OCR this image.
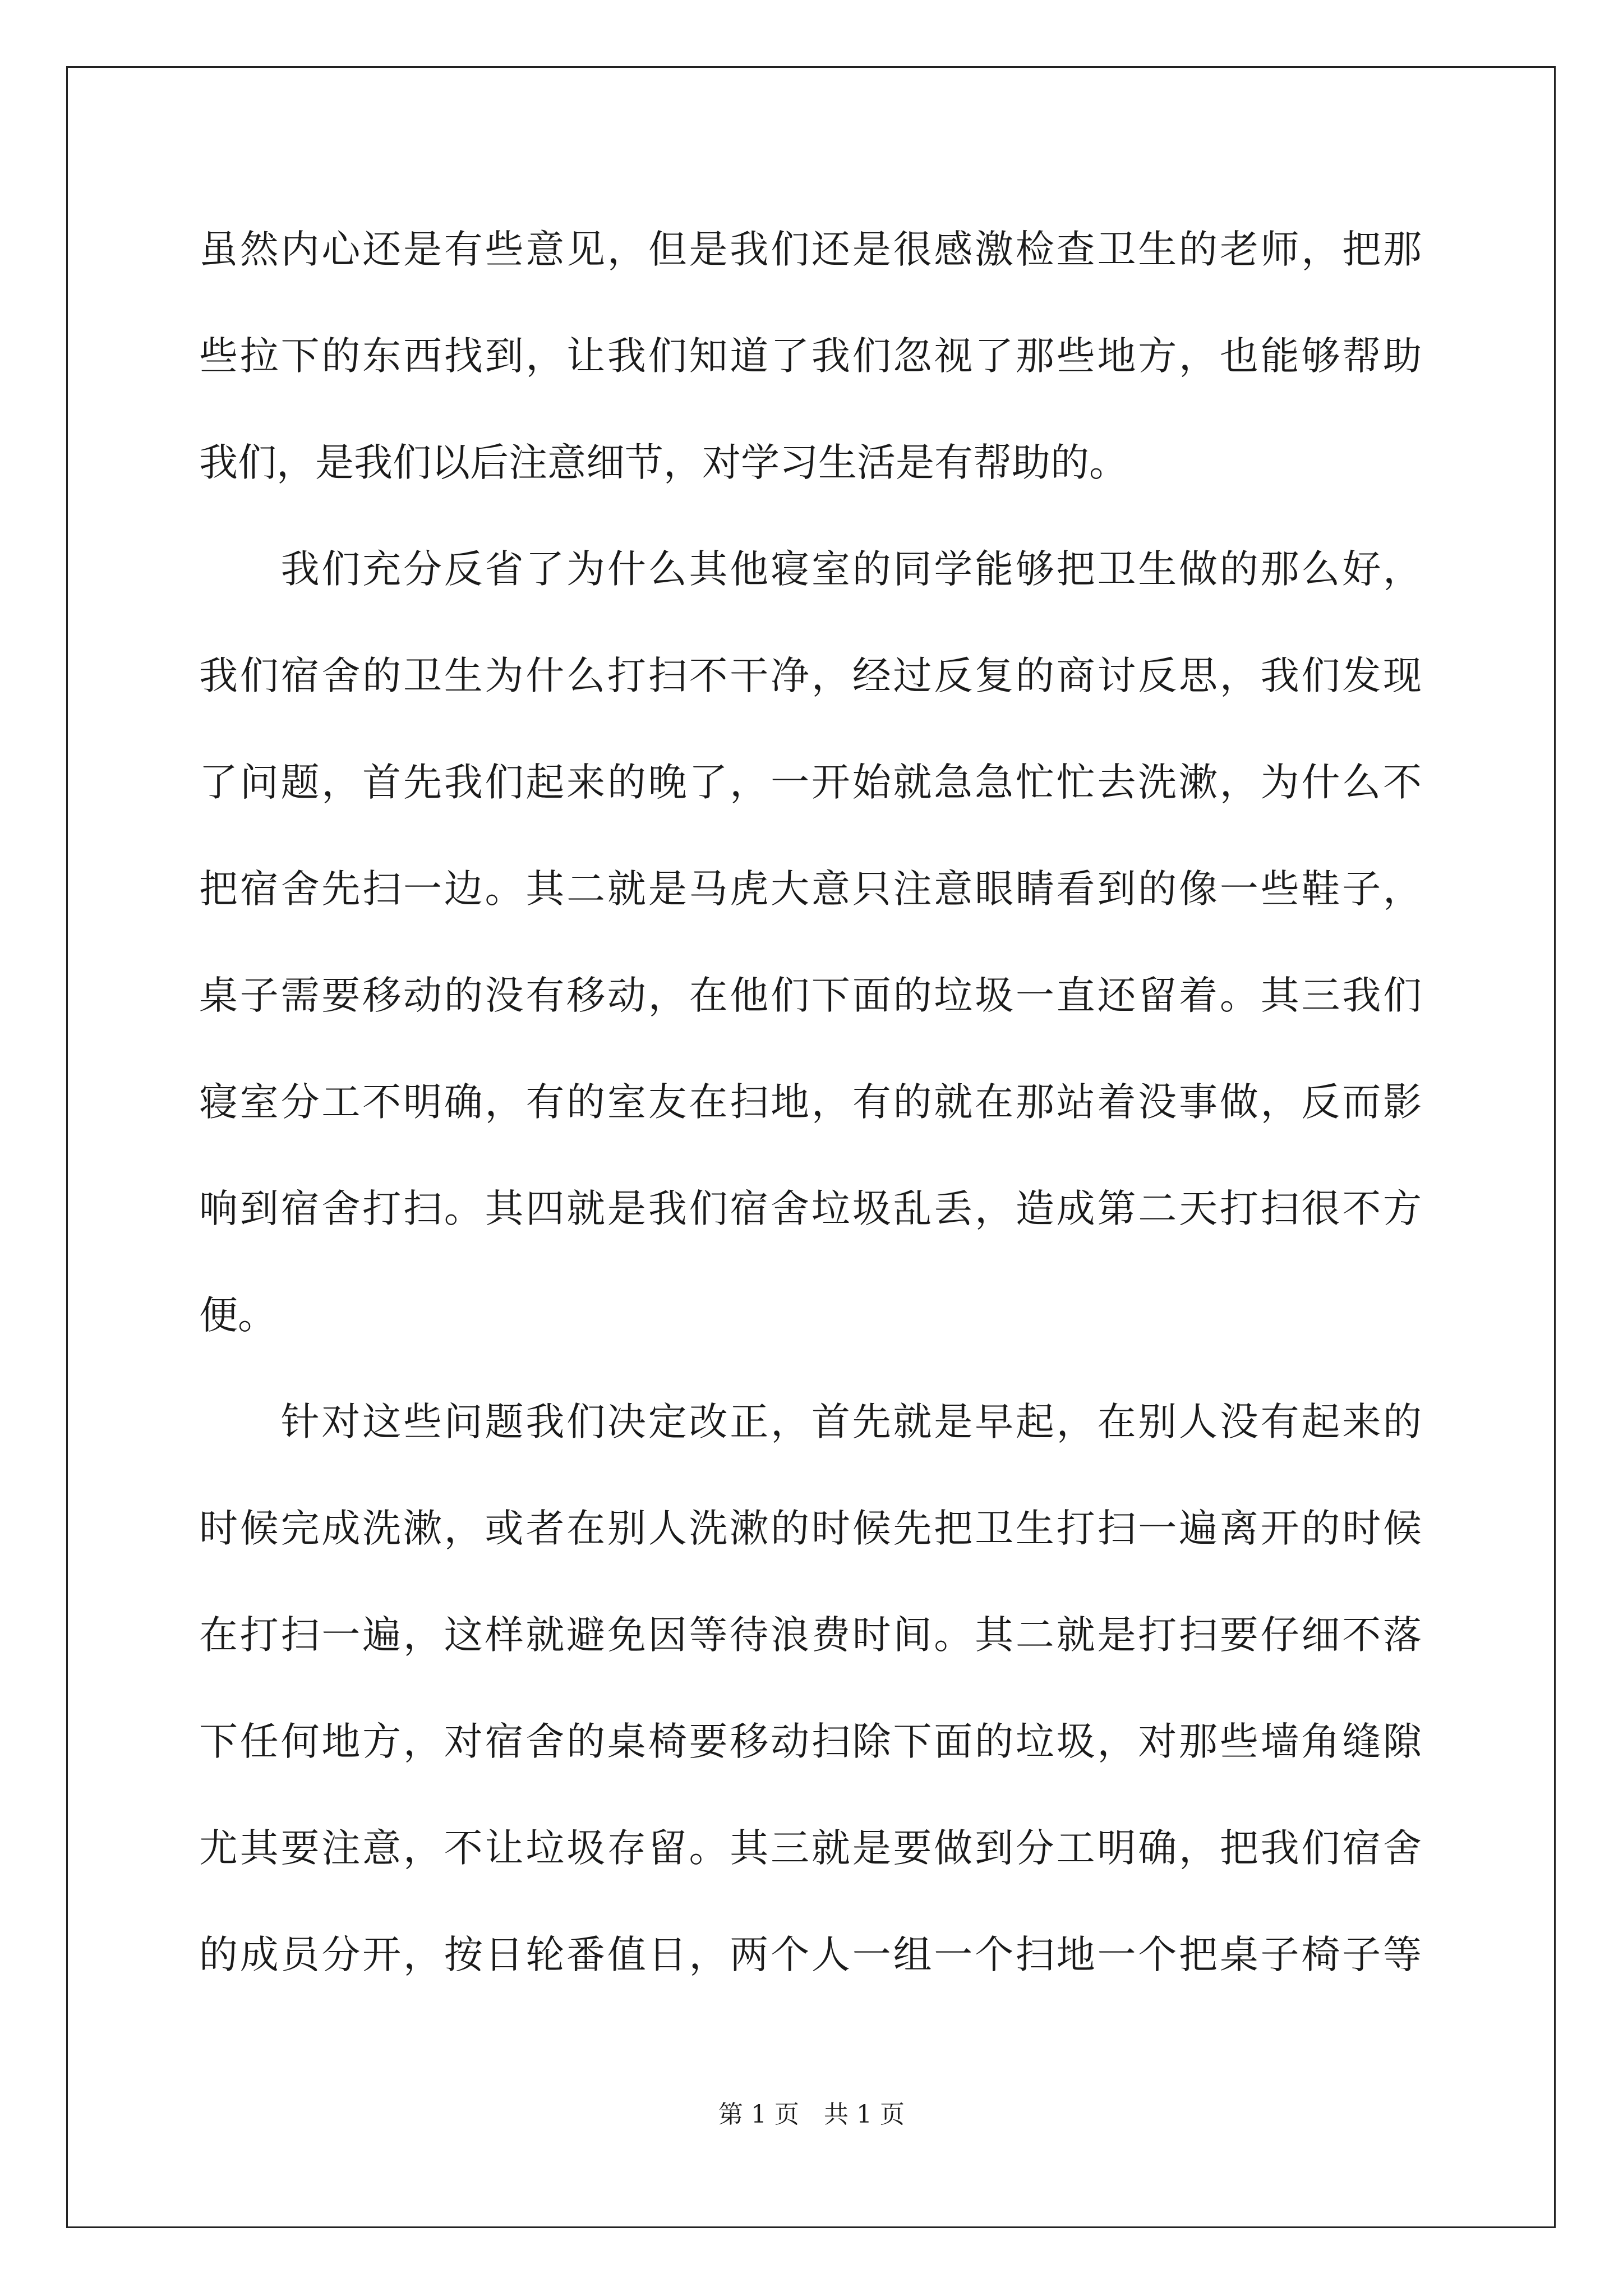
虽然内心还是有些意见，但是我们还是很感激检查卫生的老师，把那
些拉下的东西找到，让我们知道了我们忽视了那些地方，也能够帮助
我们，是我们以后注意细节，对学习生活是有帮助的。
　　我们充分反省了为什么其他寝室的同学能够把卫生做的那么好，
我们宿舍的卫生为什么打扫不干净，经过反复的商讨反思，我们发现
了问题，首先我们起来的晚了，一开始就急急忙忙去洗漱，为什么不
把宿舍先扫一边。其二就是马虎大意只注意眼睛看到的像一些鞋子，
桌子需要移动的没有移动，在他们下面的垃圾一直还留着。其三我们
寝室分工不明确，有的室友在扫地，有的就在那站着没事做，反而影
响到宿舍打扫。其四就是我们宿舍垃圾乱丢，造成第二天打扫很不方
便。
　　针对这些问题我们决定改正，首先就是早起，在别人没有起来的
时候完成洗漱，或者在别人洗漱的时候先把卫生打扫一遍离开的时候
在打扫一遍，这样就避免因等待浪费时间。其二就是打扫要仔细不落
下任何地方，对宿舍的桌椅要移动扫除下面的垃圾，对那些墙角缝隙
尤其要注意，不让垃圾存留。其三就是要做到分工明确，把我们宿舍
的成员分开，按日轮番值日，两个人一组一个扫地一个把桌子椅子等
第 1 页　共 1 页
